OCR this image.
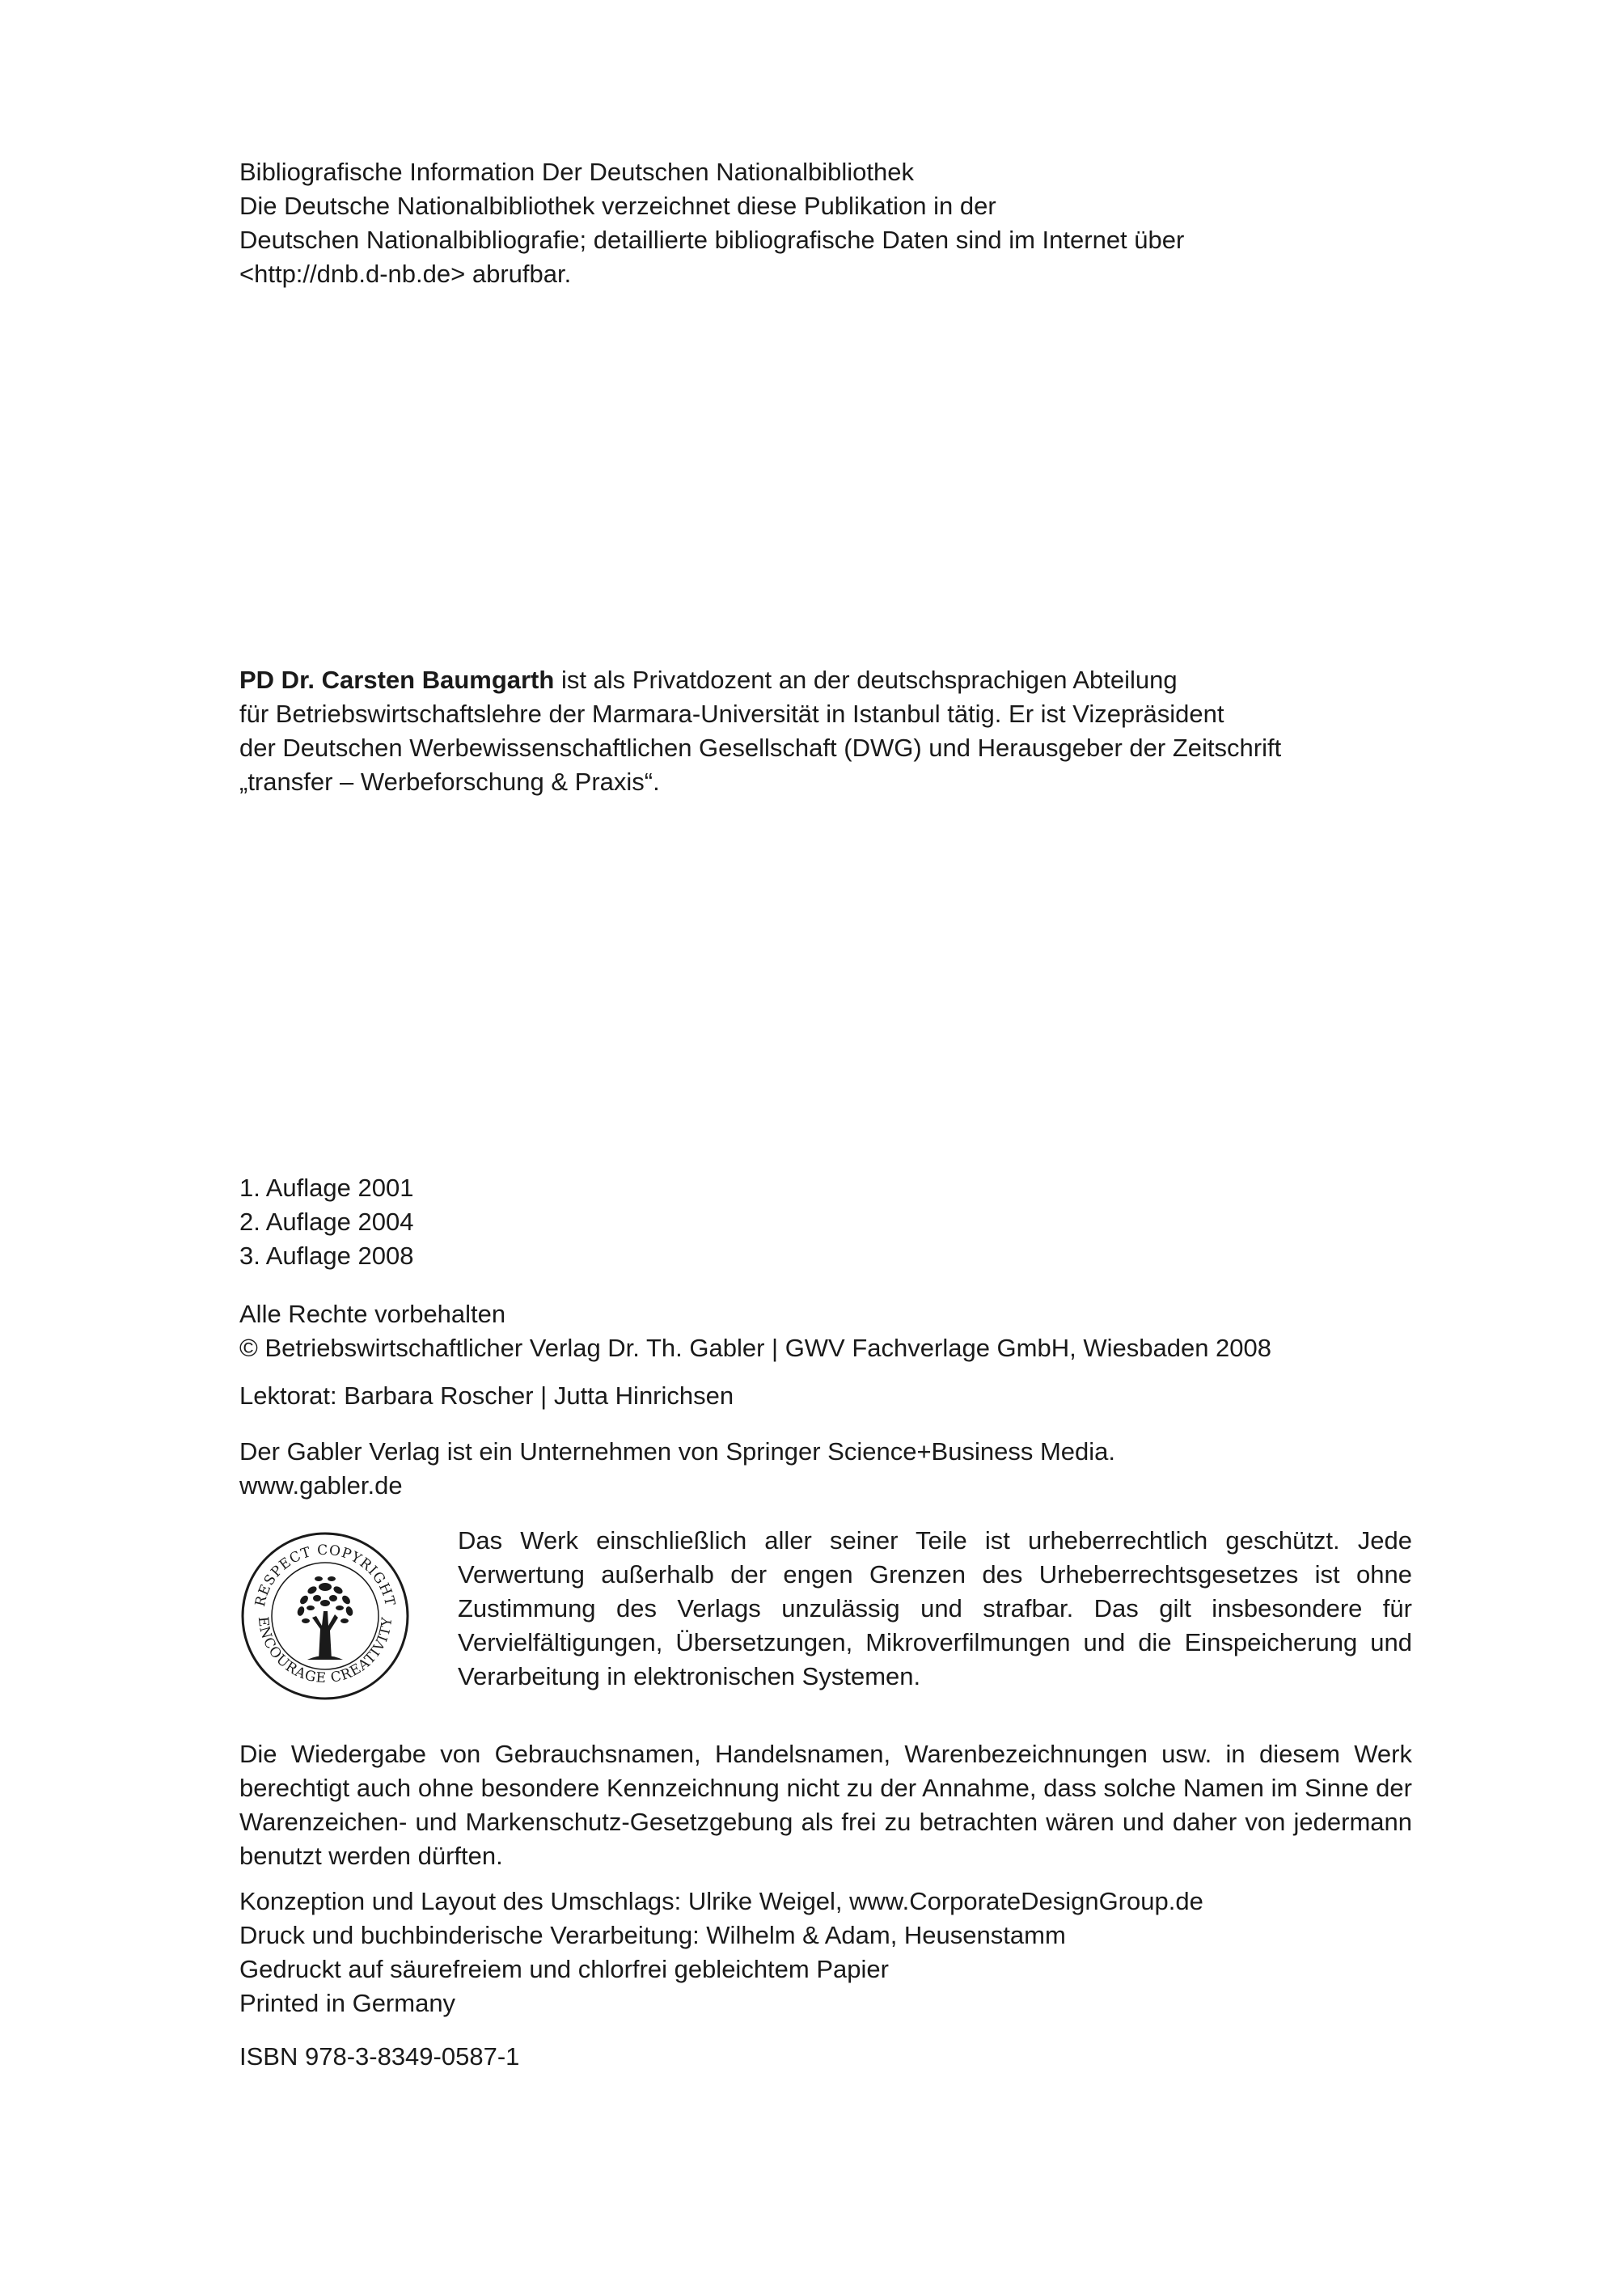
Bibliografische Information Der Deutschen Nationalbibliothek
Die Deutsche Nationalbibliothek verzeichnet diese Publikation in der
Deutschen Nationalbibliografie; detaillierte bibliografische Daten sind im Internet über
<http://dnb.d-nb.de> abrufbar.
PD Dr. Carsten Baumgarth ist als Privatdozent an der deutschsprachigen Abteilung
für Betriebswirtschaftslehre der Marmara-Universität in Istanbul tätig. Er ist Vizepräsident
der Deutschen Werbewissenschaftlichen Gesellschaft (DWG) und Herausgeber der Zeitschrift
„transfer – Werbeforschung & Praxis“.
1. Auflage 2001
2. Auflage 2004
3. Auflage 2008
Alle Rechte vorbehalten
© Betriebswirtschaftlicher Verlag Dr. Th. Gabler | GWV Fachverlage GmbH, Wiesbaden 2008
Lektorat: Barbara Roscher | Jutta Hinrichsen
Der Gabler Verlag ist ein Unternehmen von Springer Science+Business Media.
www.gabler.de
RESPECT COPYRIGHT
ENCOURAGE CREATIVITY

Das Werk einschließlich aller seiner Teile ist urheberrechtlich geschützt. Jede Verwertung außerhalb der engen Grenzen des Urheberrechtsgesetzes ist ohne Zustimmung des Verlags unzulässig und strafbar. Das gilt insbesondere für Vervielfältigungen, Übersetzungen, Mikroverfilmungen und die Einspeicherung und Verarbeitung in elektronischen Systemen.

Die Wiedergabe von Gebrauchsnamen, Handelsnamen, Warenbezeichnungen usw. in diesem Werk berechtigt auch ohne besondere Kennzeichnung nicht zu der Annahme, dass solche Namen im Sinne der Warenzeichen- und Markenschutz-Gesetzgebung als frei zu betrachten wären und daher von jedermann benutzt werden dürften.

Konzeption und Layout des Umschlags: Ulrike Weigel, www.CorporateDesignGroup.de
Druck und buchbinderische Verarbeitung: Wilhelm & Adam, Heusenstamm
Gedruckt auf säurefreiem und chlorfrei gebleichtem Papier
Printed in Germany
ISBN 978-3-8349-0587-1
